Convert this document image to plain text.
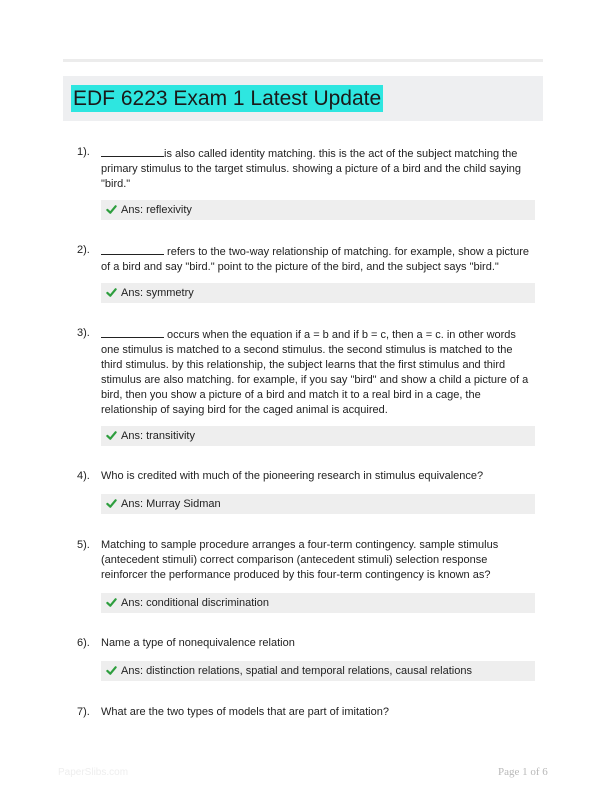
EDF 6223 Exam 1 Latest Update
1).	is also called identity matching. this is the act of the subject matching the primary stimulus to the target stimulus. showing a picture of a bird and the child saying "bird."
Ans: reflexivity
2).	refers to the two-way relationship of matching. for example, show a picture of a bird and say "bird." point to the picture of the bird, and the subject says "bird."
Ans: symmetry
3).	occurs when the equation if a = b and if b = c, then a = c. in other words one stimulus is matched to a second stimulus. the second stimulus is matched to the third stimulus. by this relationship, the subject learns that the first stimulus and third stimulus are also matching. for example, if you say "bird" and show a child a picture of a bird, then you show a picture of a bird and match it to a real bird in a cage, the relationship of saying bird for the caged animal is acquired.
Ans: transitivity
4). Who is credited with much of the pioneering research in stimulus equivalence?
Ans: Murray Sidman
5). Matching to sample procedure arranges a four-term contingency. sample stimulus (antecedent stimuli) correct comparison (antecedent stimuli) selection response reinforcer the performance produced by this four-term contingency is known as?
Ans: conditional discrimination
6). Name a type of nonequivalence relation
Ans: distinction relations, spatial and temporal relations, causal relations
7). What are the two types of models that are part of imitation?
PaperSlibs.com	Page 1 of 6
